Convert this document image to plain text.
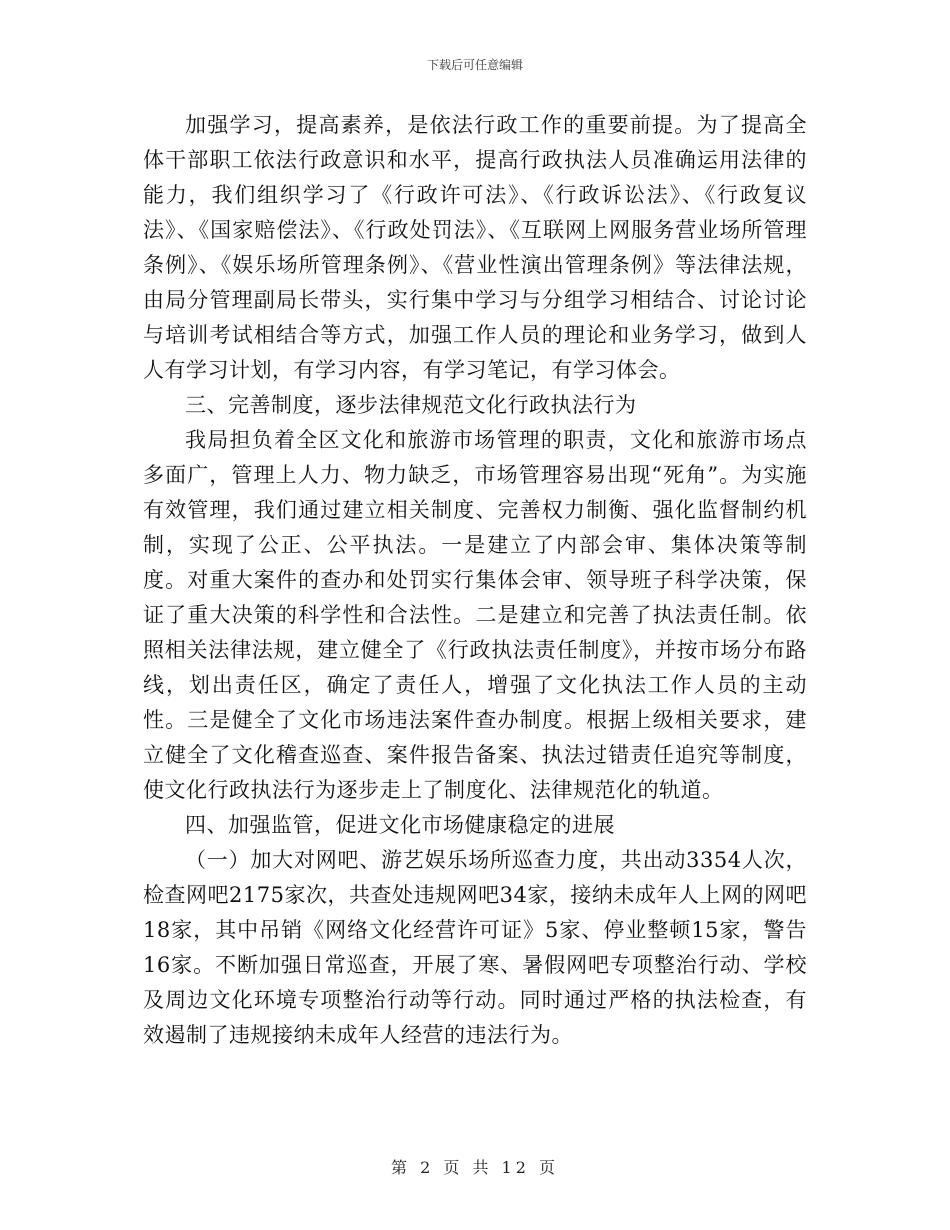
下载后可任意编辑

加强学习，提高素养，是依法行政工作的重要前提。为了提高全体干部职工依法行政意识和水平，提高行政执法人员准确运用法律的能力，我们组织学习了《行政许可法》、《行政诉讼法》、《行政复议法》、《国家赔偿法》、《行政处罚法》、《互联网上网服务营业场所管理条例》、《娱乐场所管理条例》、《营业性演出管理条例》等法律法规，由局分管理副局长带头，实行集中学习与分组学习相结合、讨论讨论与培训考试相结合等方式，加强工作人员的理论和业务学习，做到人人有学习计划，有学习内容，有学习笔记，有学习体会。

三、完善制度，逐步法律规范文化行政执法行为

我局担负着全区文化和旅游市场管理的职责，文化和旅游市场点多面广，管理上人力、物力缺乏，市场管理容易出现“死角”。为实施有效管理，我们通过建立相关制度、完善权力制衡、强化监督制约机制，实现了公正、公平执法。一是建立了内部会审、集体决策等制度。对重大案件的查办和处罚实行集体会审、领导班子科学决策，保证了重大决策的科学性和合法性。二是建立和完善了执法责任制。依照相关法律法规，建立健全了《行政执法责任制度》，并按市场分布路线，划出责任区，确定了责任人，增强了文化执法工作人员的主动性。三是健全了文化市场违法案件查办制度。根据上级相关要求，建立健全了文化稽查巡查、案件报告备案、执法过错责任追究等制度，使文化行政执法行为逐步走上了制度化、法律规范化的轨道。

四、加强监管，促进文化市场健康稳定的进展

（一）加大对网吧、游艺娱乐场所巡查力度，共出动3354人次，检查网吧2175家次，共查处违规网吧34家，接纳未成年人上网的网吧18家，其中吊销《网络文化经营许可证》5家、停业整顿15家，警告16家。不断加强日常巡查，开展了寒、暑假网吧专项整治行动、学校及周边文化环境专项整治行动等行动。同时通过严格的执法检查，有效遏制了违规接纳未成年人经营的违法行为。

第 2 页 共 12 页
